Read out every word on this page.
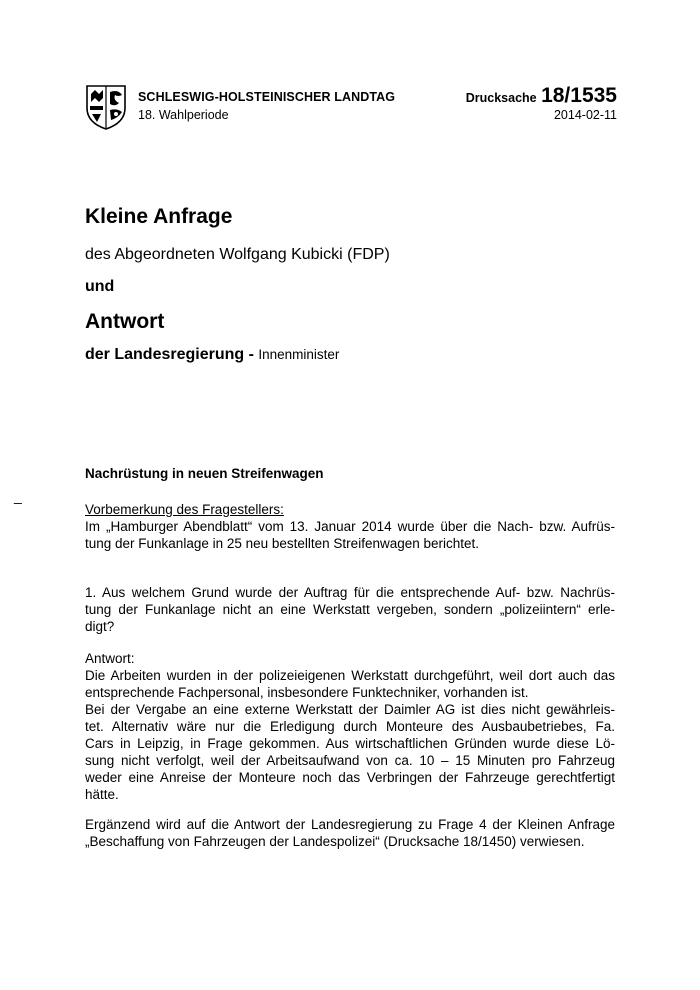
SCHLESWIG-HOLSTEINISCHER LANDTAG
18. Wahlperiode
Drucksache 18/1535
2014-02-11
Kleine Anfrage
des Abgeordneten Wolfgang Kubicki (FDP)
und
Antwort
der Landesregierung - Innenminister
Nachrüstung in neuen Streifenwagen
_
Vorbemerkung des Fragestellers:
Im „Hamburger Abendblatt“ vom 13. Januar 2014 wurde über die Nach- bzw. Aufrüs-
tung der Funkanlage in 25 neu bestellten Streifenwagen berichtet.
1. Aus welchem Grund wurde der Auftrag für die entsprechende Auf- bzw. Nachrüs-
tung der Funkanlage nicht an eine Werkstatt vergeben, sondern „polizeiintern“ erle-
digt?
Antwort:
Die Arbeiten wurden in der polizeieigenen Werkstatt durchgeführt, weil dort auch das
entsprechende Fachpersonal, insbesondere Funktechniker, vorhanden ist.
Bei der Vergabe an eine externe Werkstatt der Daimler AG ist dies nicht gewährleis-
tet. Alternativ wäre nur die Erledigung durch Monteure des Ausbaubetriebes, Fa.
Cars in Leipzig, in Frage gekommen. Aus wirtschaftlichen Gründen wurde diese Lö-
sung nicht verfolgt, weil der Arbeitsaufwand von ca. 10 – 15 Minuten pro Fahrzeug
weder eine Anreise der Monteure noch das Verbringen der Fahrzeuge gerechtfertigt
hätte.
Ergänzend wird auf die Antwort der Landesregierung zu Frage 4 der Kleinen Anfrage
„Beschaffung von Fahrzeugen der Landespolizei“ (Drucksache 18/1450) verwiesen.
